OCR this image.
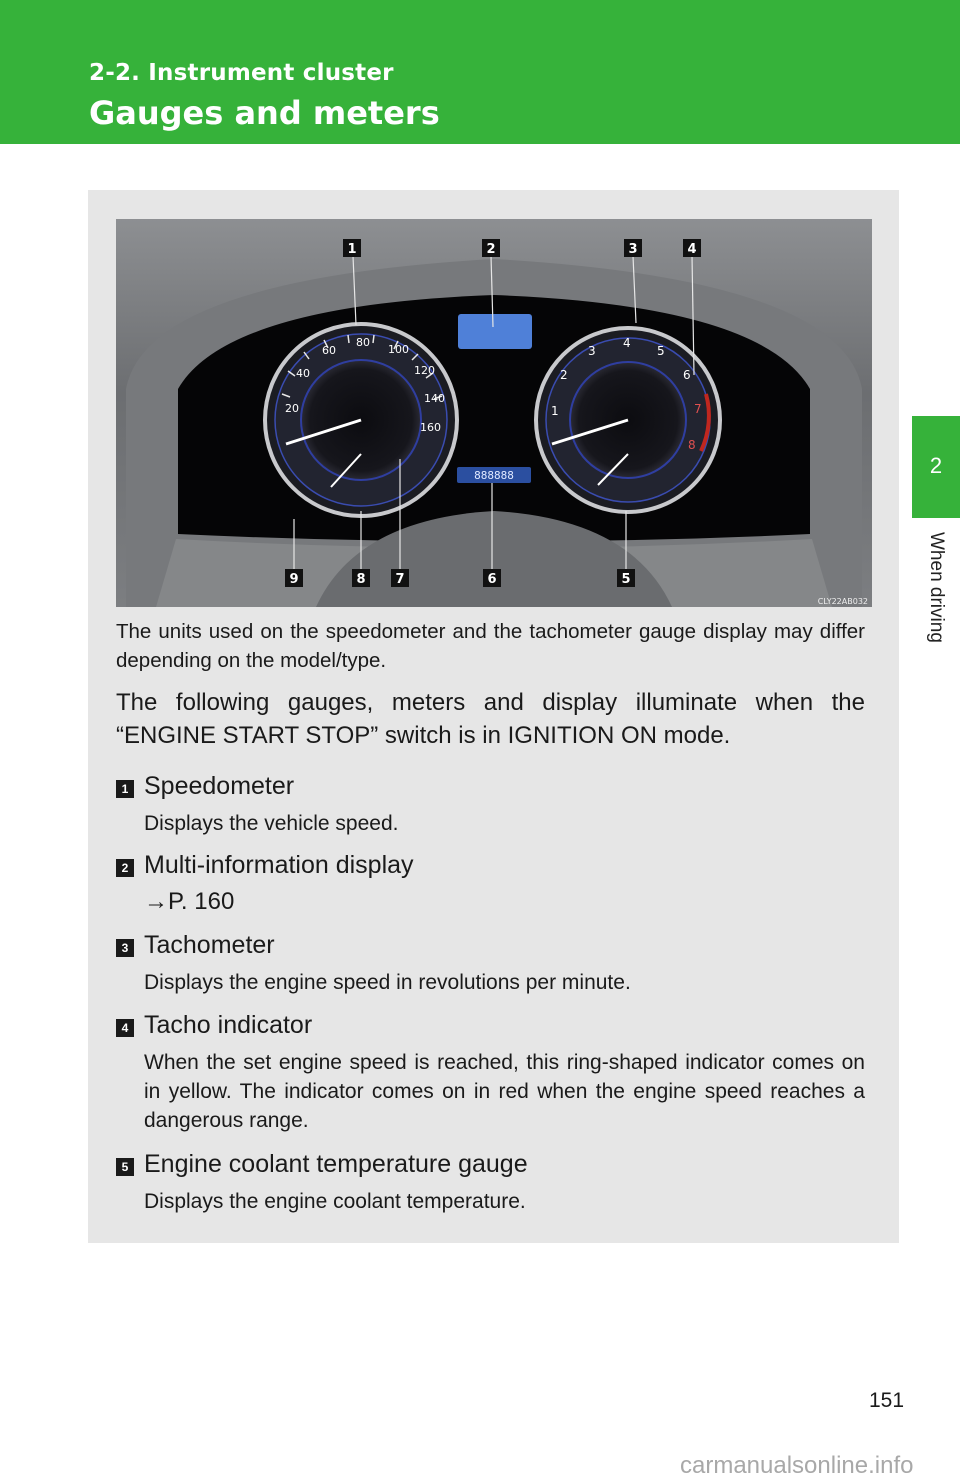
2-2. Instrument cluster
Gauges and meters
2
When driving
20
40
60
80
100
120
140
160
1
2
3
4
5
6
7
8
888888
1	2	3	4
5
6
7
8
9
CLY22AB032
The units used on the speedometer and the tachometer gauge display may differ depending on the model/type.
The following gauges, meters and display illuminate when the “ENGINE START STOP” switch is in IGNITION ON mode.
1 Speedometer
Displays the vehicle speed.
2 Multi-information display
→P. 160
3 Tachometer
Displays the engine speed in revolutions per minute.
4 Tacho indicator
When the set engine speed is reached, this ring-shaped indicator comes on in yellow. The indicator comes on in red when the engine speed reaches a dangerous range.
5 Engine coolant temperature gauge
Displays the engine coolant temperature.
151
carmanualsonline.info
